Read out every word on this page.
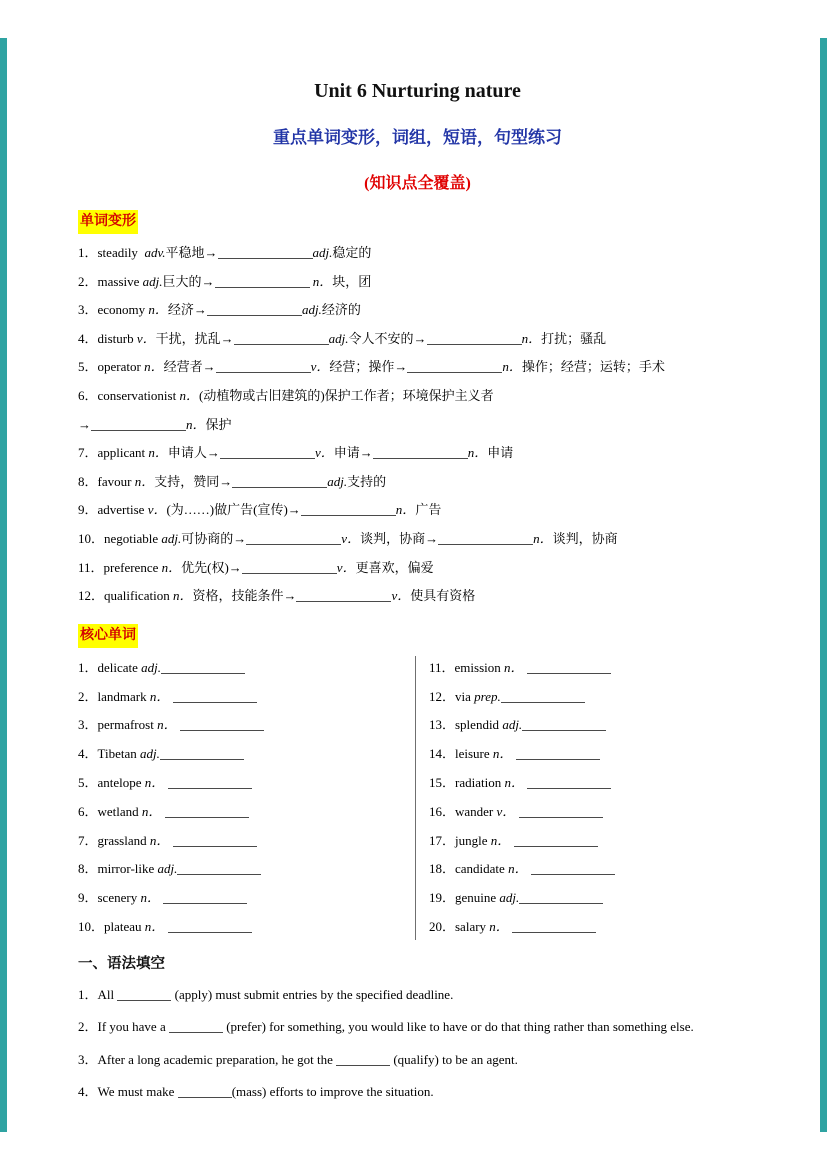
Unit 6 Nurturing nature
重点单词变形，词组，短语，句型练习
(知识点全覆盖)
单词变形
1．steadily  adv.平稳地→	adj.稳定的
2．massive adj.巨大的→	n．块，团
3．economy n．经济→	adj.经济的
4．disturb v．干扰，扰乱→	adj.令人不安的→	n．打扰；骚乱
5．operator n．经营者→	v．经营；操作→	n．操作；经营；运转；手术
6．conservationist n．(动植物或古旧建筑的)保护工作者；环境保护主义者
→	n．保护
7．applicant n．申请人→	v．申请→	n．申请
8．favour n．支持，赞同→	adj.支持的
9．advertise v．(为……)做广告(宣传)→	n．广告
10．negotiable adj.可协商的→	v．谈判，协商→	n．谈判，协商
11．preference n．优先(权)→	v．更喜欢，偏爱
12．qualification n．资格，技能条件→	v．使具有资格
核心单词
1．delicate adj.
2．landmark n．
3．permafrost n．
4．Tibetan adj.
5．antelope n．
6．wetland n．
7．grassland n．
8．mirror-like adj.
9．scenery n．
10．plateau n．
11．emission n．
12．via prep.
13．splendid adj.
14．leisure n．
15．radiation n．
16．wander v．
17．jungle n．
18．candidate n．
19．genuine adj.
20．salary n．
一、语法填空
1．All	(apply) must submit entries by the specified deadline.
2．If you have a	(prefer) for something, you would like to have or do that thing rather than something else.
3．After a long academic preparation, he got the	(qualify) to be an agent.
4．We must make	(mass) efforts to improve the situation.
